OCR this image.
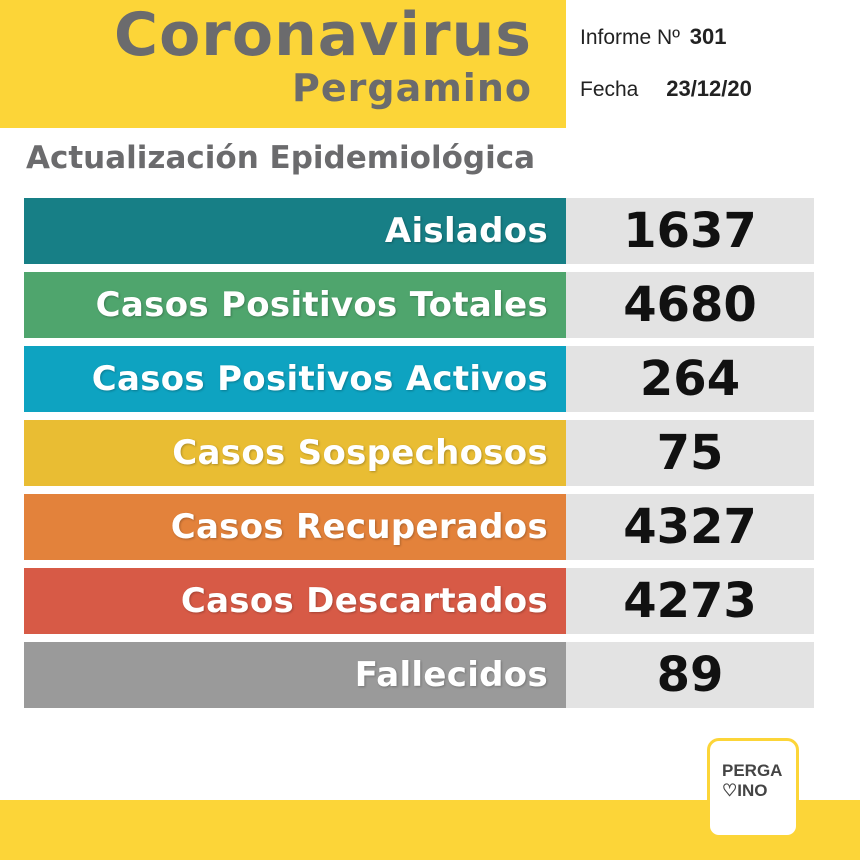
Coronavirus
Pergamino
Informe Nº 301
Fecha 23/12/20
Actualización Epidemiológica
Aislados	1637
Casos Positivos Totales	4680
Casos Positivos Activos	264
Casos Sospechosos	75
Casos Recuperados	4327
Casos Descartados	4273
Fallecidos	89
PERGA
♡INO
